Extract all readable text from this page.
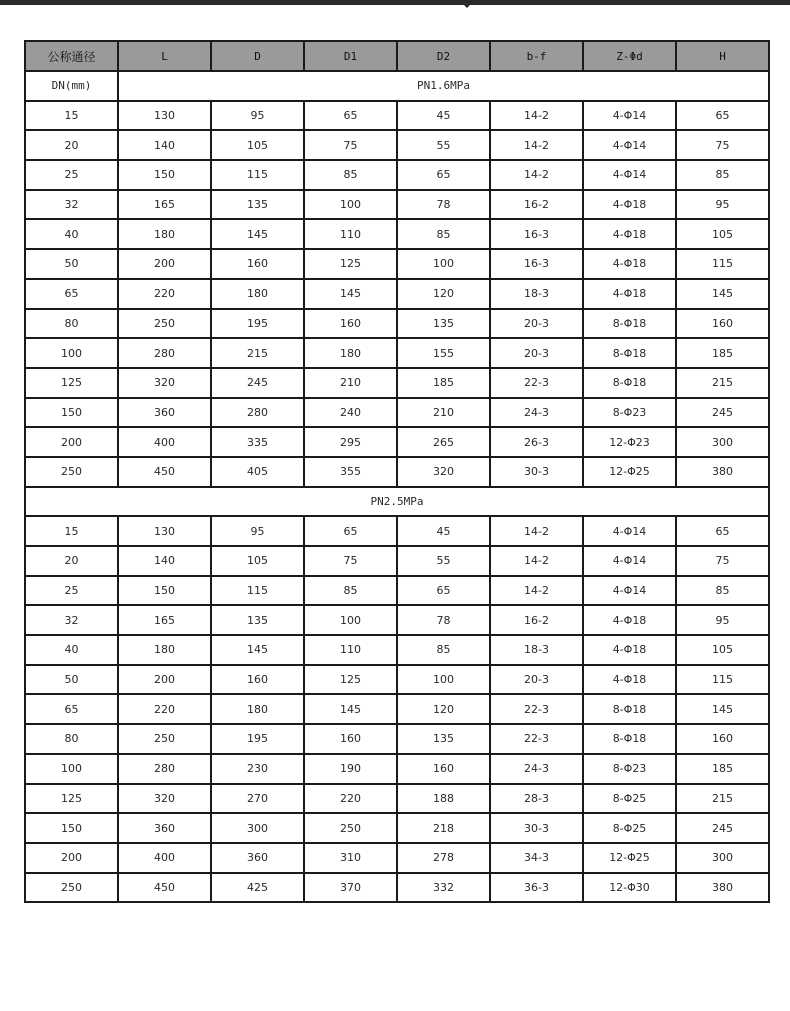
公称通径	L	D	D1	D2	b-f	Z-Φd	H
DN(mm)	PN1.6MPa						
15	130	95	65	45	14-2	4-Φ14	65
20	140	105	75	55	14-2	4-Φ14	75
25	150	115	85	65	14-2	4-Φ14	85
32	165	135	100	78	16-2	4-Φ18	95
40	180	145	110	85	16-3	4-Φ18	105
50	200	160	125	100	16-3	4-Φ18	115
65	220	180	145	120	18-3	4-Φ18	145
80	250	195	160	135	20-3	8-Φ18	160
100	280	215	180	155	20-3	8-Φ18	185
125	320	245	210	185	22-3	8-Φ18	215
150	360	280	240	210	24-3	8-Φ23	245
200	400	335	295	265	26-3	12-Φ23	300
250	450	405	355	320	30-3	12-Φ25	380
PN2.5MPa							
15	130	95	65	45	14-2	4-Φ14	65
20	140	105	75	55	14-2	4-Φ14	75
25	150	115	85	65	14-2	4-Φ14	85
32	165	135	100	78	16-2	4-Φ18	95
40	180	145	110	85	18-3	4-Φ18	105
50	200	160	125	100	20-3	4-Φ18	115
65	220	180	145	120	22-3	8-Φ18	145
80	250	195	160	135	22-3	8-Φ18	160
100	280	230	190	160	24-3	8-Φ23	185
125	320	270	220	188	28-3	8-Φ25	215
150	360	300	250	218	30-3	8-Φ25	245
200	400	360	310	278	34-3	12-Φ25	300
250	450	425	370	332	36-3	12-Φ30	380
